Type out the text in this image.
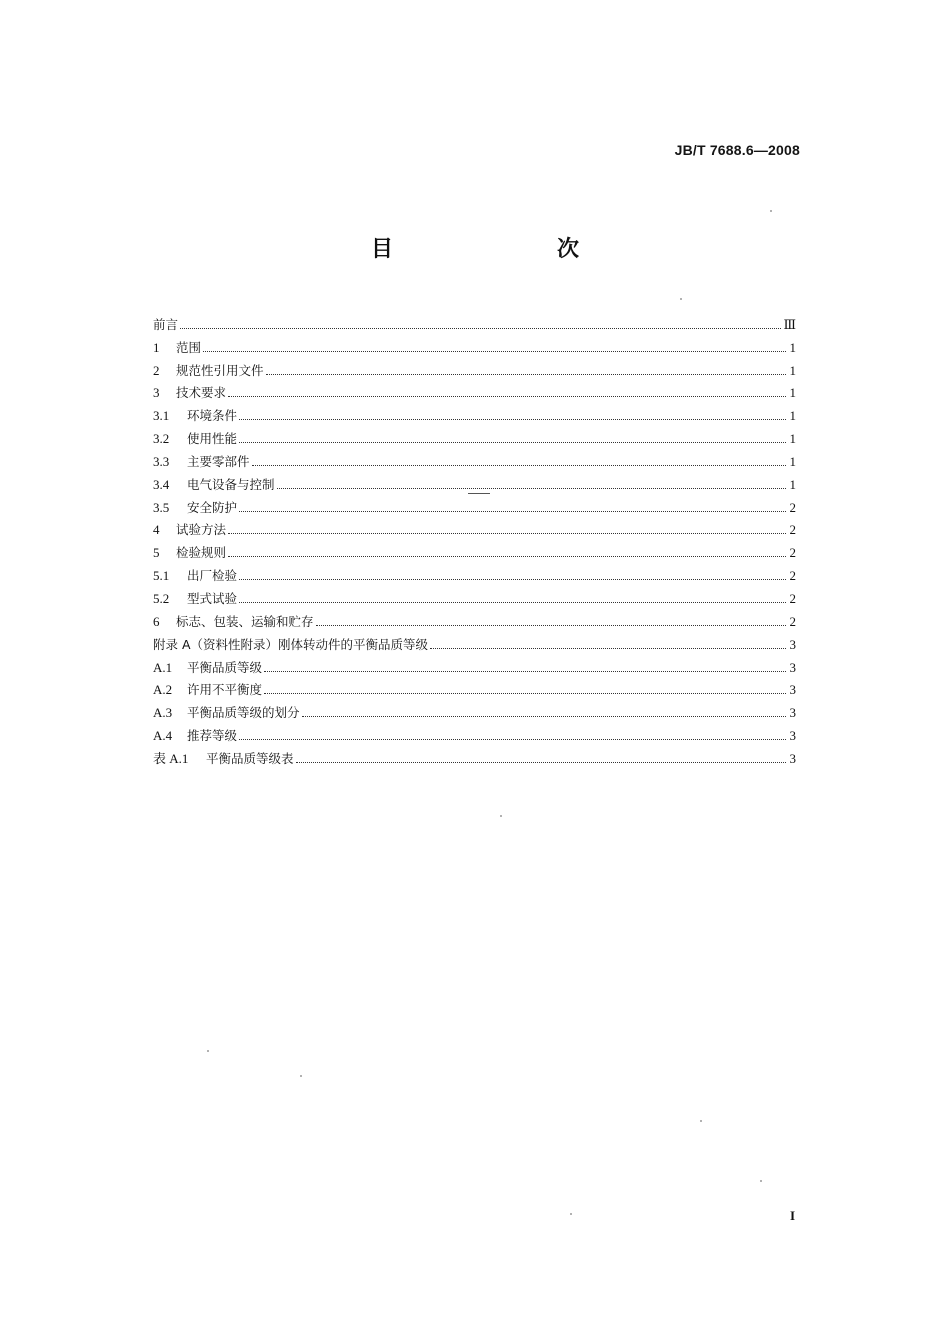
JB/T 7688.6—2008
目　　次
前言	Ⅲ
1	范围	1
2	规范性引用文件	1
3	技术要求	1
3.1	环境条件	1
3.2	使用性能	1
3.3	主要零部件	1
3.4	电气设备与控制	1
3.5	安全防护	2
4	试验方法	2
5	检验规则	2
5.1	出厂检验	2
5.2	型式试验	2
6	标志、包装、运输和贮存	2
附录 A（资料性附录）刚体转动件的平衡品质等级	3
A.1	平衡品质等级	3
A.2	许用不平衡度	3
A.3	平衡品质等级的划分	3
A.4	推荐等级	3
表 A.1	平衡品质等级表	3
I
